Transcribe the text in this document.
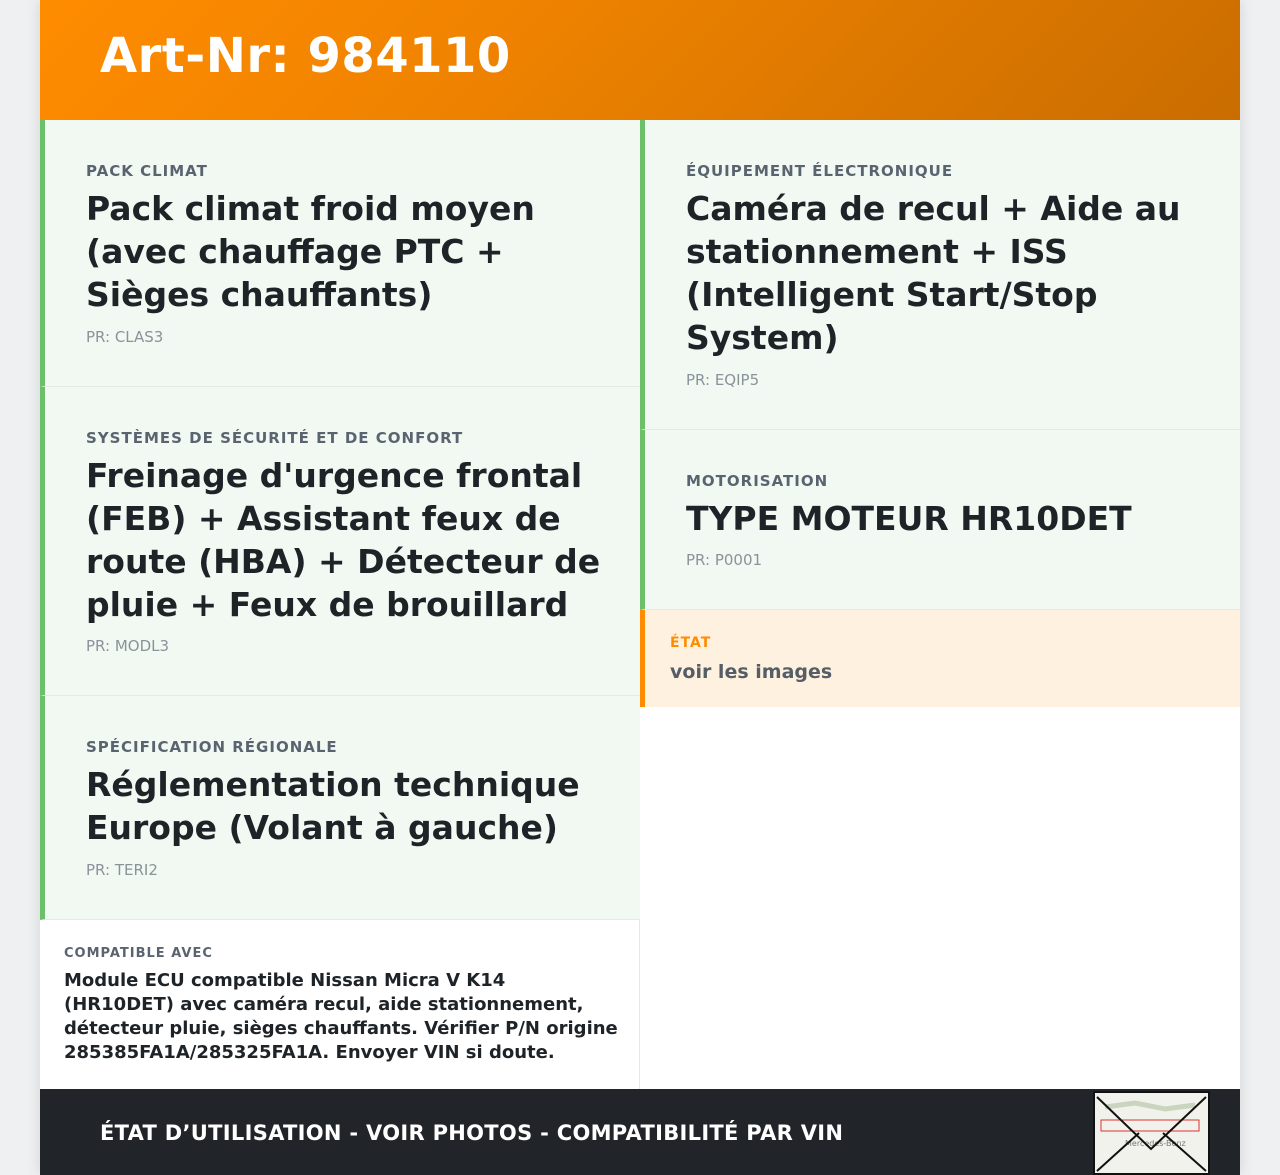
Art-Nr: 984110
PACK CLIMAT
Pack climat froid moyen (avec chauffage PTC + Sièges chauffants)
PR: CLAS3
SYSTÈMES DE SÉCURITÉ ET DE CONFORT
Freinage d'urgence frontal (FEB) + Assistant feux de route (HBA) + Détecteur de pluie + Feux de brouillard
PR: MODL3
SPÉCIFICATION RÉGIONALE
Réglementation technique Europe (Volant à gauche)
PR: TERI2
ÉQUIPEMENT ÉLECTRONIQUE
Caméra de recul + Aide au stationnement + ISS (Intelligent Start/Stop System)
PR: EQIP5
MOTORISATION
TYPE MOTEUR HR10DET
PR: P0001
ÉTAT
voir les images
COMPATIBLE AVEC
Module ECU compatible Nissan Micra V K14 (HR10DET) avec caméra recul, aide stationnement, détecteur pluie, sièges chauffants. Vérifier P/N origine 285385FA1A/285325FA1A. Envoyer VIN si doute.
ÉTAT D’UTILISATION - VOIR PHOTOS - COMPATIBILITÉ PAR VIN	Mercedes-Benz
